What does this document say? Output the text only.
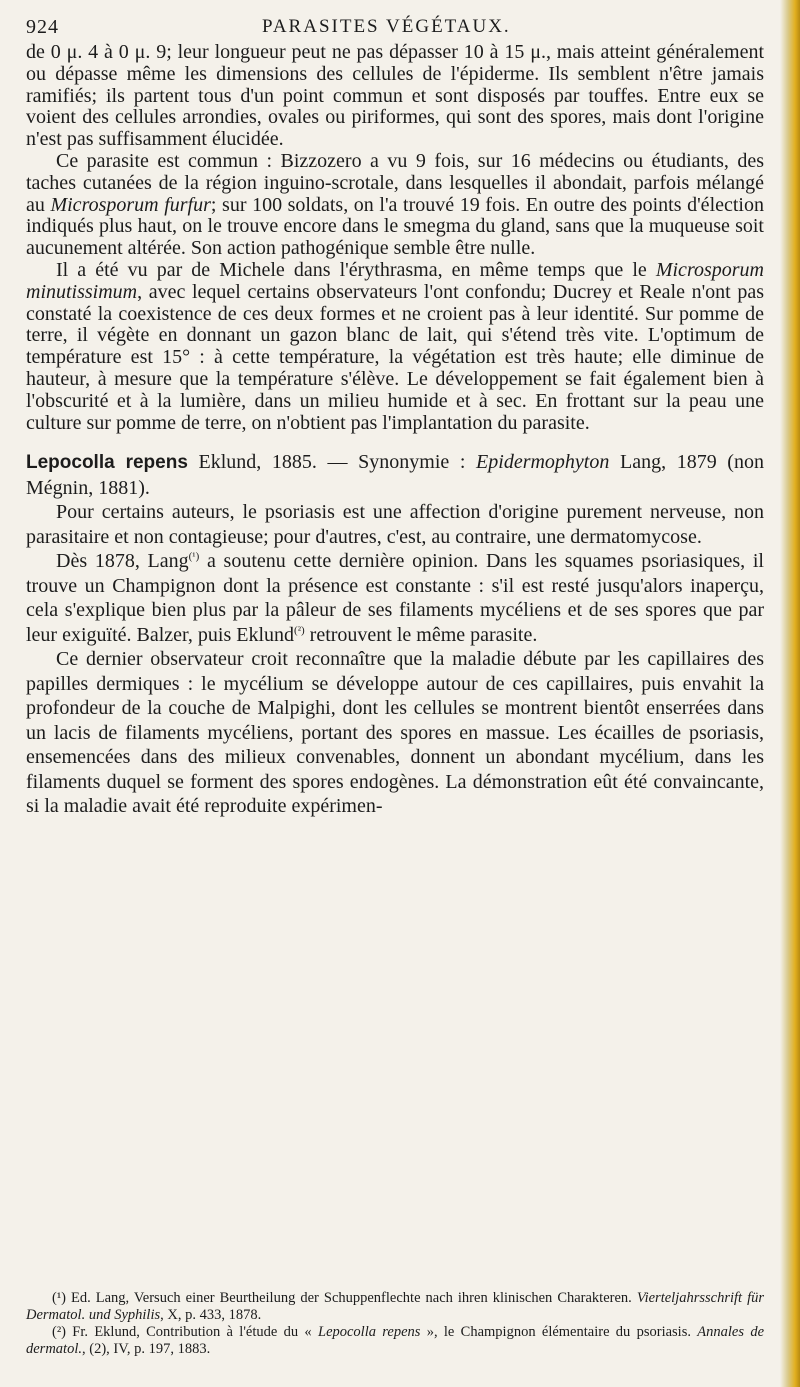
924	PARASITES VÉGÉTAUX.

de 0 μ. 4 à 0 μ. 9; leur longueur peut ne pas dépasser 10 à 15 μ., mais atteint généralement ou dépasse même les dimensions des cellules de l'épiderme. Ils semblent n'être jamais ramifiés; ils partent tous d'un point commun et sont disposés par touffes. Entre eux se voient des cellules arrondies, ovales ou piriformes, qui sont des spores, mais dont l'origine n'est pas suffisamment élucidée.

Ce parasite est commun : Bizzozero a vu 9 fois, sur 16 médecins ou étudiants, des taches cutanées de la région inguino-scrotale, dans lesquelles il abondait, parfois mélangé au Microsporum furfur; sur 100 soldats, on l'a trouvé 19 fois. En outre des points d'élection indiqués plus haut, on le trouve encore dans le smegma du gland, sans que la muqueuse soit aucunement altérée. Son action pathogénique semble être nulle.

Il a été vu par de Michele dans l'érythrasma, en même temps que le Microsporum minutissimum, avec lequel certains observateurs l'ont confondu; Ducrey et Reale n'ont pas constaté la coexistence de ces deux formes et ne croient pas à leur identité. Sur pomme de terre, il végète en donnant un gazon blanc de lait, qui s'étend très vite. L'optimum de température est 15° : à cette température, la végétation est très haute; elle diminue de hauteur, à mesure que la température s'élève. Le développement se fait également bien à l'obscurité et à la lumière, dans un milieu humide et à sec. En frottant sur la peau une culture sur pomme de terre, on n'obtient pas l'implantation du parasite.

Lepocolla repens Eklund, 1885. — Synonymie : Epidermophyton Lang, 1879 (non Mégnin, 1881).

Pour certains auteurs, le psoriasis est une affection d'origine purement nerveuse, non parasitaire et non contagieuse; pour d'autres, c'est, au contraire, une dermatomycose.

Dès 1878, Lang$^{(^1)}$ a soutenu cette dernière opinion. Dans les squames psoriasiques, il trouve un Champignon dont la présence est constante : s'il est resté jusqu'alors inaperçu, cela s'explique bien plus par la pâleur de ses filaments mycéliens et de ses spores que par leur exiguïté. Balzer, puis Eklund$^{(^2)}$ retrouvent le même parasite.

Ce dernier observateur croit reconnaître que la maladie débute par les capillaires des papilles dermiques : le mycélium se développe autour de ces capillaires, puis envahit la profondeur de la couche de Malpighi, dont les cellules se montrent bientôt enserrées dans un lacis de filaments mycéliens, portant des spores en massue. Les écailles de psoriasis, ensemencées dans des milieux convenables, donnent un abondant mycélium, dans les filaments duquel se forment des spores endogènes. La démonstration eût été convaincante, si la maladie avait été reproduite expérimen-

(¹) Ed. Lang, Versuch einer Beurtheilung der Schuppenflechte nach ihren klinischen Charakteren. Vierteljahrsschrift für Dermatol. und Syphilis, X, p. 433, 1878.

(²) Fr. Eklund, Contribution à l'étude du « Lepocolla repens », le Champignon élémentaire du psoriasis. Annales de dermatol., (2), IV, p. 197, 1883.
